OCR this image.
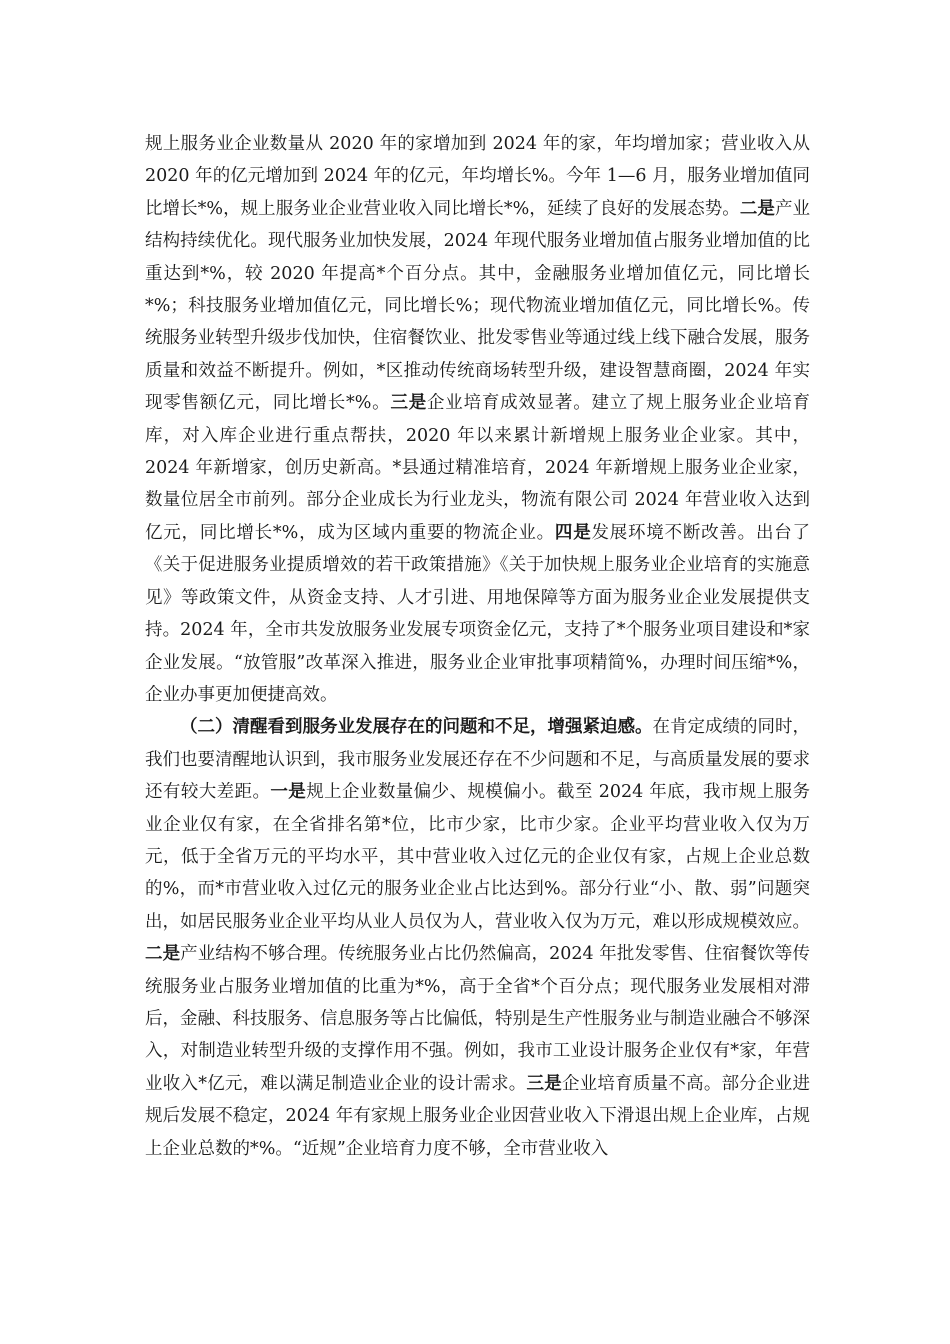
规上服务业企业数量从 2020 年的家增加到 2024 年的家，年均增加家；营业收入从 2020 年的亿元增加到 2024 年的亿元，年均增长%。今年 1—6 月，服务业增加值同比增长*%，规上服务业企业营业收入同比增长*%，延续了良好的发展态势。二是产业结构持续优化。现代服务业加快发展，2024 年现代服务业增加值占服务业增加值的比重达到*%，较 2020 年提高*个百分点。其中，金融服务业增加值亿元，同比增长*%；科技服务业增加值亿元，同比增长%；现代物流业增加值亿元，同比增长%。传统服务业转型升级步伐加快，住宿餐饮业、批发零售业等通过线上线下融合发展，服务质量和效益不断提升。例如，*区推动传统商场转型升级，建设智慧商圈，2024 年实现零售额亿元，同比增长*%。三是企业培育成效显著。建立了规上服务业企业培育库，对入库企业进行重点帮扶，2020 年以来累计新增规上服务业企业家。其中，2024 年新增家，创历史新高。*县通过精准培育，2024 年新增规上服务业企业家，数量位居全市前列。部分企业成长为行业龙头，物流有限公司 2024 年营业收入达到亿元，同比增长*%，成为区域内重要的物流企业。四是发展环境不断改善。出台了《关于促进服务业提质增效的若干政策措施》《关于加快规上服务业企业培育的实施意见》等政策文件，从资金支持、人才引进、用地保障等方面为服务业企业发展提供支持。2024 年，全市共发放服务业发展专项资金亿元，支持了*个服务业项目建设和*家企业发展。“放管服”改革深入推进，服务业企业审批事项精简%，办理时间压缩*%，企业办事更加便捷高效。

（二）清醒看到服务业发展存在的问题和不足，增强紧迫感。在肯定成绩的同时，我们也要清醒地认识到，我市服务业发展还存在不少问题和不足，与高质量发展的要求还有较大差距。一是规上企业数量偏少、规模偏小。截至 2024 年底，我市规上服务业企业仅有家，在全省排名第*位，比市少家，比市少家。企业平均营业收入仅为万元，低于全省万元的平均水平，其中营业收入过亿元的企业仅有家，占规上企业总数的%，而*市营业收入过亿元的服务业企业占比达到%。部分行业“小、散、弱”问题突出，如居民服务业企业平均从业人员仅为人，营业收入仅为万元，难以形成规模效应。二是产业结构不够合理。传统服务业占比仍然偏高，2024 年批发零售、住宿餐饮等传统服务业占服务业增加值的比重为*%，高于全省*个百分点；现代服务业发展相对滞后，金融、科技服务、信息服务等占比偏低，特别是生产性服务业与制造业融合不够深入，对制造业转型升级的支撑作用不强。例如，我市工业设计服务企业仅有*家，年营业收入*亿元，难以满足制造业企业的设计需求。三是企业培育质量不高。部分企业进规后发展不稳定，2024 年有家规上服务业企业因营业收入下滑退出规上企业库，占规上企业总数的*%。“近规”企业培育力度不够，全市营业收入
